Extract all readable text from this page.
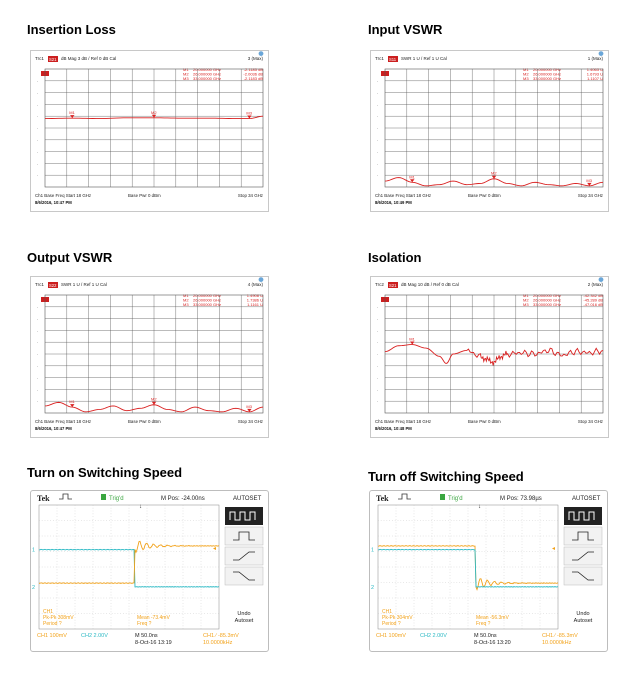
Insertion Loss	Input VSWR
Output VSWR	Isolation
Turn on Switching Speed	Turn off Switching Speed
Trc1 S21 dB Mag 3 dB / Ref 0 dB Cal	3 (Max)
M1 20.000000 GHz	-2.1185 dB
M2 26.000000 GHz	-2.0036 dB
M3 33.000000 GHz	-2.1183 dB
-
-
-
-
-
-
-
-
-
M1	M2	M3
Ch1 Base Freq Start 18 GHz	Base Pwr 0 dBm	Stop 34 GHz
8/6/2016, 10:47 PM
Trc1 S11 SWR 1 U / Ref 1 U Cal	1 (Max)
M1 20.000000 GHz	1.4063 U
M2 26.000000 GHz	1.6793 U
M3 33.000000 GHz	1.1107 U
-
-
-
-
-
-
-
-
-	M1
M2
M3
Ch1 Base Freq Start 18 GHz	Base Pwr 0 dBm	Stop 34 GHz
8/6/2016, 10:49 PM
Trc1 S22 SWR 1 U / Ref 1 U Cal	4 (Max)
M1 20.000000 GHz	1.4908 U
M2 26.000000 GHz	1.7386 U
M3 33.000000 GHz	1.1161 U
-
-
-
-
-
-
-
-
-	M1	M2
M3
Ch1 Base Freq Start 18 GHz	Base Pwr 0 dBm	Stop 34 GHz
8/6/2016, 10:47 PM
Trc2 S21 dB Mag 10 dB / Ref 0 dB Cal	2 (Max)
M1 20.000000 GHz	-42.342 dB
M2 26.000000 GHz	-45.289 dB
M3 33.000000 GHz	-47.016 dB
-
-
-
-
-
-
-
-
-
M1
Ch1 Base Freq Start 18 GHz	Base Pwr 0 dBm	Stop 34 GHz
8/6/2016, 10:48 PM
Tek	Trig'd	M Pos: -24.00ns	AUTOSET
↓
1
2
◂
CH1
Pk-Pk 308mV
Period ?
Mean -73.4mV
Freq ?
Undo
Autoset
CH1 100mV	CH2 2.00V	M 50.0ns
8-Oct-16 13:19
CH1 ∕ -85.3mV
10.0000kHz
Tek	Trig'd	M Pos: 73.98µs	AUTOSET
↓
1
2
◂
CH1
Pk-Pk 304mV
Period ?
Mean -56.3mV
Freq ?
Undo
Autoset
CH1 100mV	CH2 2.00V	M 50.0ns
8-Oct-16 13:20
CH1 ∕ -85.3mV
10.0000kHz
